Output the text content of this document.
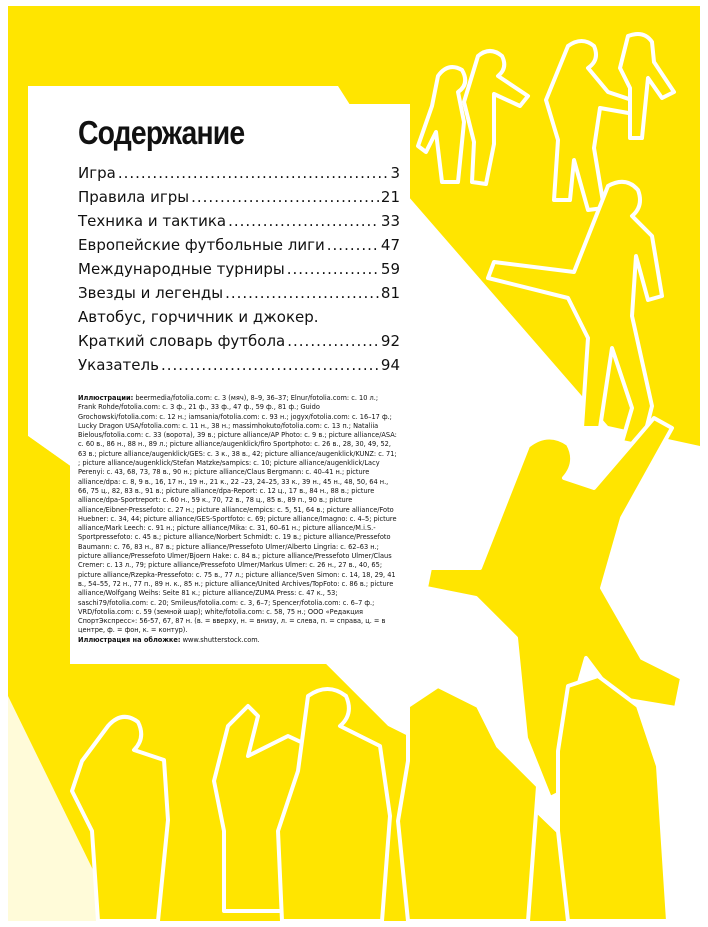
Содержание
Игра .....	3
Правила игры .....	21
Техника и тактика .....	33
Европейские футбольные лиги .....	47
Международные турниры .....	59
Звезды и легенды .....	81
Автобус, горчичник и джокер.
Краткий словарь футбола .....	92
Указатель .....	94

Иллюстрации: beermedia/fotolia.com: с. 3 (мяч), 8–9, 36–37; Elnur/fotolia.com: с. 10 л.; Frank Rohde/fotolia.com: с. 3 ф., 21 ф., 33 ф., 47 ф., 59 ф., 81 ф.; Guido Grochowski/fotolia.com: с. 12 н.; iamsania/fotolia.com: с. 93 н.; jogyx/fotolia.com: с. 16–17 ф.; Lucky Dragon USA/fotolia.com: с. 11 н., 38 н.; massimhokuto/fotolia.com: с. 13 п.; Nataliia Bielous/fotolia.com: с. 33 (ворота), 39 в.; picture alliance/AP Photo: с. 9 в.; picture alliance/ASA: с. 60 в., 86 н., 88 н., 89 л.; picture alliance/augenklick/firo Sportphoto: с. 26 в., 28, 30, 49, 52, 63 в.; picture alliance/augenklick/GES: с. 3 к., 38 в., 42; picture alliance/augenklick/KUNZ: с. 71; ; picture alliance/augenklick/Stefan Matzke/sampics: с. 10; picture alliance/augenklick/Lacy Perenyi: с. 43, 68, 73, 78 в., 90 н.; picture alliance/Claus Bergmann: с. 40–41 н.; picture alliance/dpa: с. 8, 9 в., 16, 17 н., 19 н., 21 к., 22 –23, 24–25, 33 к., 39 н., 45 н., 48, 50, 64 н., 66, 75 ц., 82, 83 в., 91 в.; picture alliance/dpa-Report: с. 12 ц., 17 в., 84 н., 88 в.; picture alliance/dpa-Sportreport: с. 60 н., 59 к., 70, 72 в., 78 ц., 85 в., 89 п., 90 в.; picture alliance/Eibner-Pressefoto: с. 27 н.; picture alliance/empics: с. 5, 51, 64 в.; picture alliance/Foto Huebner: с. 34, 44; picture alliance/GES-Sportfoto: с. 69; picture alliance/Imagno: с. 4–5; picture alliance/Mark Leech: с. 91 н.; picture alliance/Mika: с. 31, 60–61 н.; picture alliance/M.i.S.-Sportpressefoto: с. 45 в.; picture alliance/Norbert Schmidt: с. 19 в.; picture alliance/Pressefoto Baumann: с. 76, 83 н., 87 в.; picture alliance/Pressefoto Ulmer/Alberto Lingria: с. 62–63 н.; picture alliance/Pressefoto Ulmer/Bjoern Hake: с. 84 в.; picture alliance/Pressefoto Ulmer/Claus Cremer: с. 13 л., 79; picture alliance/Pressefoto Ulmer/Markus Ulmer: с. 26 н., 27 в., 40, 65; picture alliance/Rzepka-Pressefoto: с. 75 в., 77 л.; picture alliance/Sven Simon: с. 14, 18, 29, 41 в., 54–55, 72 н., 77 п., 89 н. к., 85 н.; picture alliance/United Archives/TopFoto: с. 86 в.; picture alliance/Wolfgang Weihs: Seite 81 к.; picture alliance/ZUMA Press: с. 47 к., 53; saschi79/fotolia.com: с. 20; Smileus/fotolia.com: с. 3, 6–7; Spencer/fotolia.com: с. 6–7 ф.; VRD/fotolia.com: с. 59 (земной шар); white/fotolia.com: с. 58, 75 н.; ООО «Редакция СпортЭкспресс»: 56-57, 67, 87 н. (в. = вверху, н. = внизу, л. = слева, п. = справа, ц. = в центре, ф. = фон, к. = контур).

Иллюстрация на обложке: www.shutterstock.com.
